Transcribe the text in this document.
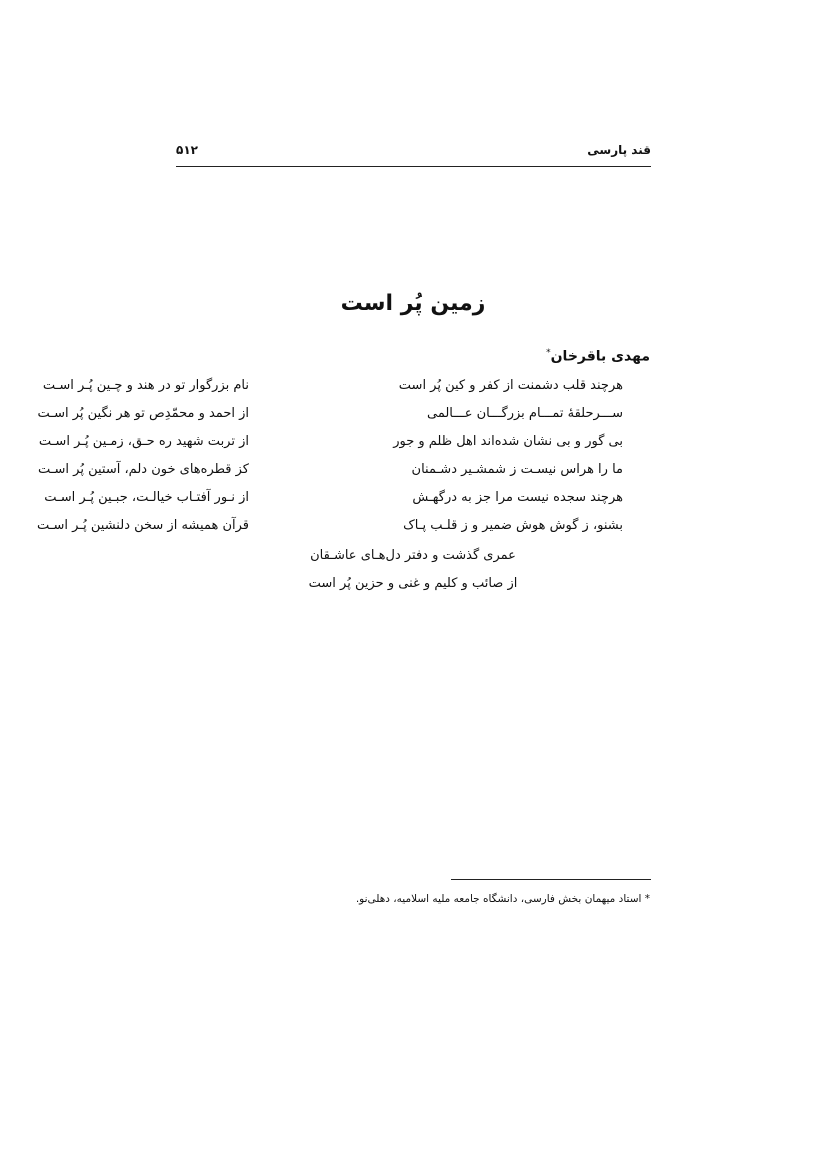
قند پارسی
۵۱۲
زمین پُر است
مهدی باقرخان*
هرچند قلب دشمنت از کفر و کین پُر است
نام بزرگوار تو در هند و چـین پُـر اسـت
ســـرحلقهٔ تمـــام بزرگـــان عـــالمی
از احمد و محمّدِص تو هر نگین پُر اسـت
بی گور و بی نشان شده‌اند اهل ظلم و جور
از تربت شهید ره حـق، زمـین پُـر اسـت
ما را هراس نیسـت ز شمشـیر دشـمنان
کز قطره‌های خون دلم، آستین پُر اسـت
هرچند سجده نیست مرا جز به درگهـش
از نـور آفتـاب خیالـت، جبـین پُـر اسـت
بشنو، ز گوش هوش ضمیر و ز قلـب پـاک
قرآن همیشه از سخن دلنشین پُـر اسـت
عمری گذشت و دفتر دل‌هـای عاشـقان
از صائب و کلیم و غنی و حزین پُر است
* استاد میهمان بخش فارسی، دانشگاه جامعه ملیه اسلامیه، دهلی‌نو.
